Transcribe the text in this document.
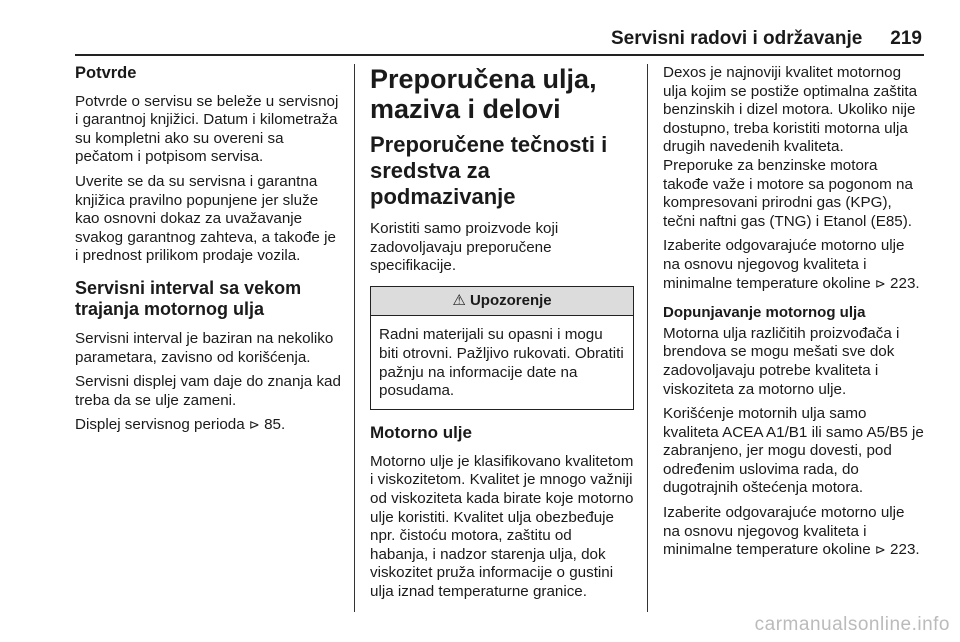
Servisni radovi i održavanje 219
Potvrde

Potvrde o servisu se beleže u servisnoj i garantnoj knjižici. Datum i kilometraža su kompletni ako su overeni sa pečatom i potpisom servisa.

Uverite se da su servisna i garantna knjižica pravilno popunjene jer služe kao osnovni dokaz za uvažavanje svakog garantnog zahteva, a takođe je i prednost prilikom prodaje vozila.

Servisni interval sa vekom trajanja motornog ulja

Servisni interval je baziran na nekoliko parametara, zavisno od korišćenja.

Servisni displej vam daje do znanja kad treba da se ulje zameni.

Displej servisnog perioda ⊳ 85.

Preporučena ulja,
maziva i delovi
Preporučene tečnosti i sredstva za podmazivanje

Koristiti samo proizvode koji zadovoljavaju preporučene specifikacije.

⚠ Upozorenje
Radni materijali su opasni i mogu biti otrovni. Pažljivo rukovati. Obratiti pažnju na informacije date na posudama.
Motorno ulje

Motorno ulje je klasifikovano kvalitetom i viskozitetom. Kvalitet je mnogo važniji od viskoziteta kada birate koje motorno ulje koristiti. Kvalitet ulja obezbeđuje npr. čistoću motora, zaštitu od habanja, i nadzor starenja ulja, dok viskozitet pruža informacije o gustini ulja iznad temperaturne granice.

Dexos je najnoviji kvalitet motornog ulja kojim se postiže optimalna zaštita benzinskih i dizel motora. Ukoliko nije dostupno, treba koristiti motorna ulja drugih navedenih kvaliteta.

Preporuke za benzinske motora takođe važe i motore sa pogonom na kompresovani prirodni gas (KPG), tečni naftni gas (TNG) i Etanol (E85).

Izaberite odgovarajuće motorno ulje na osnovu njegovog kvaliteta i minimalne temperature okoline ⊳ 223.

Dopunjavanje motornog ulja

Motorna ulja različitih proizvođača i brendova se mogu mešati sve dok zadovoljavaju potrebe kvaliteta i viskoziteta za motorno ulje.

Korišćenje motornih ulja samo kvaliteta ACEA A1/B1 ili samo A5/B5 je zabranjeno, jer mogu dovesti, pod određenim uslovima rada, do dugotrajnih oštećenja motora.

Izaberite odgovarajuće motorno ulje na osnovu njegovog kvaliteta i minimalne temperature okoline ⊳ 223.

carmanualsonline.info
